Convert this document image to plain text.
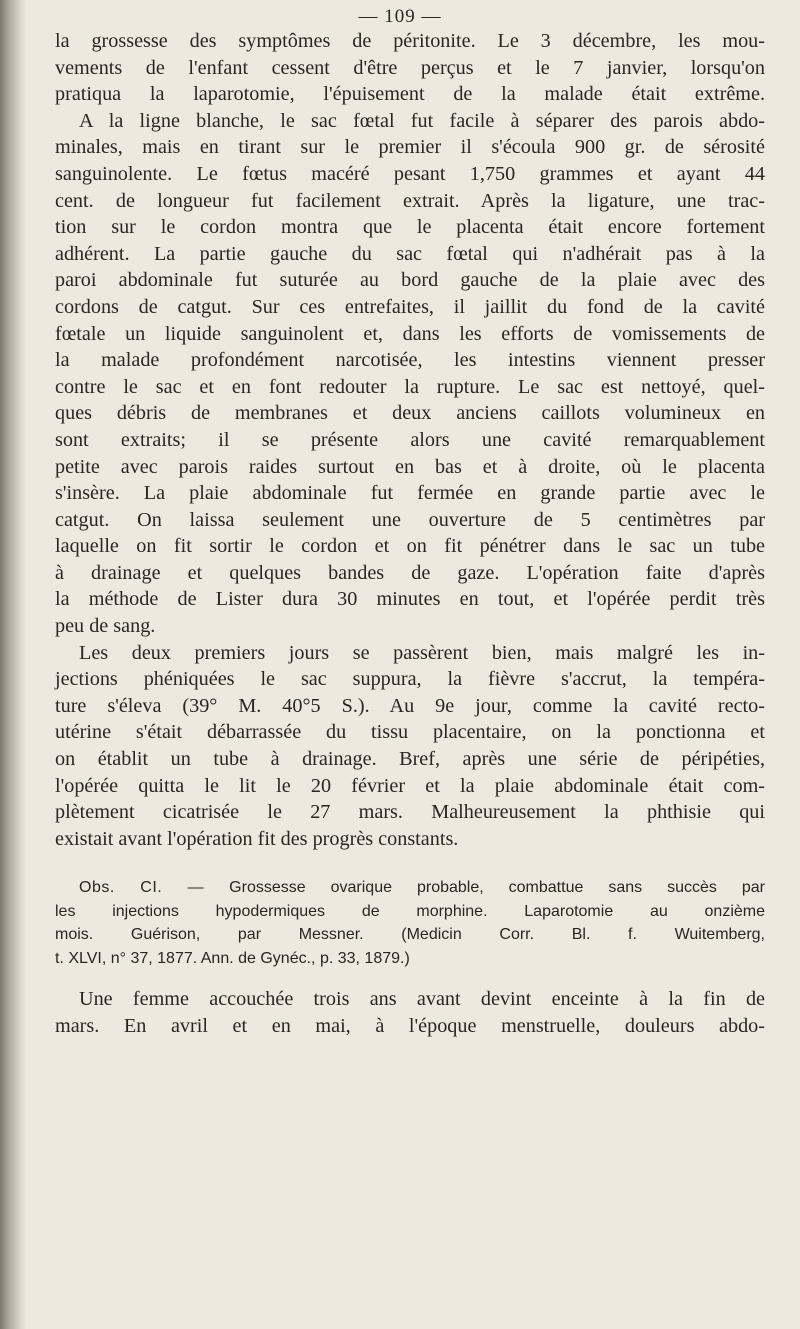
— 109 —
la grossesse des symptômes de péritonite. Le 3 décembre, les mou-
vements de l'enfant cessent d'être perçus et le 7 janvier, lorsqu'on
pratiqua la laparotomie, l'épuisement de la malade était extrême.
A la ligne blanche, le sac fœtal fut facile à séparer des parois abdo-
minales, mais en tirant sur le premier il s'écoula 900 gr. de sérosité
sanguinolente. Le fœtus macéré pesant 1,750 grammes et ayant 44
cent. de longueur fut facilement extrait. Après la ligature, une trac-
tion sur le cordon montra que le placenta était encore fortement
adhérent. La partie gauche du sac fœtal qui n'adhérait pas à la
paroi abdominale fut suturée au bord gauche de la plaie avec des
cordons de catgut. Sur ces entrefaites, il jaillit du fond de la cavité
fœtale un liquide sanguinolent et, dans les efforts de vomissements de
la malade profondément narcotisée, les intestins viennent presser
contre le sac et en font redouter la rupture. Le sac est nettoyé, quel-
ques débris de membranes et deux anciens caillots volumineux en
sont extraits; il se présente alors une cavité remarquablement
petite avec parois raides surtout en bas et à droite, où le placenta
s'insère. La plaie abdominale fut fermée en grande partie avec le
catgut. On laissa seulement une ouverture de 5 centimètres par
laquelle on fit sortir le cordon et on fit pénétrer dans le sac un tube
à drainage et quelques bandes de gaze. L'opération faite d'après
la méthode de Lister dura 30 minutes en tout, et l'opérée perdit très
peu de sang.
Les deux premiers jours se passèrent bien, mais malgré les in-
jections phéniquées le sac suppura, la fièvre s'accrut, la tempéra-
ture s'éleva (39° M. 40°5 S.). Au 9e jour, comme la cavité recto-
utérine s'était débarrassée du tissu placentaire, on la ponctionna et
on établit un tube à drainage. Bref, après une série de péripéties,
l'opérée quitta le lit le 20 février et la plaie abdominale était com-
plètement cicatrisée le 27 mars. Malheureusement la phthisie qui
existait avant l'opération fit des progrès constants.
Obs. CI. — Grossesse ovarique probable, combattue sans succès par
les injections hypodermiques de morphine. Laparotomie au onzième
mois. Guérison, par Messner. (Medicin Corr. Bl. f. Wuitemberg,
t. XLVI, n° 37, 1877. Ann. de Gynéc., p. 33, 1879.)
Une femme accouchée trois ans avant devint enceinte à la fin de
mars. En avril et en mai, à l'époque menstruelle, douleurs abdo-
